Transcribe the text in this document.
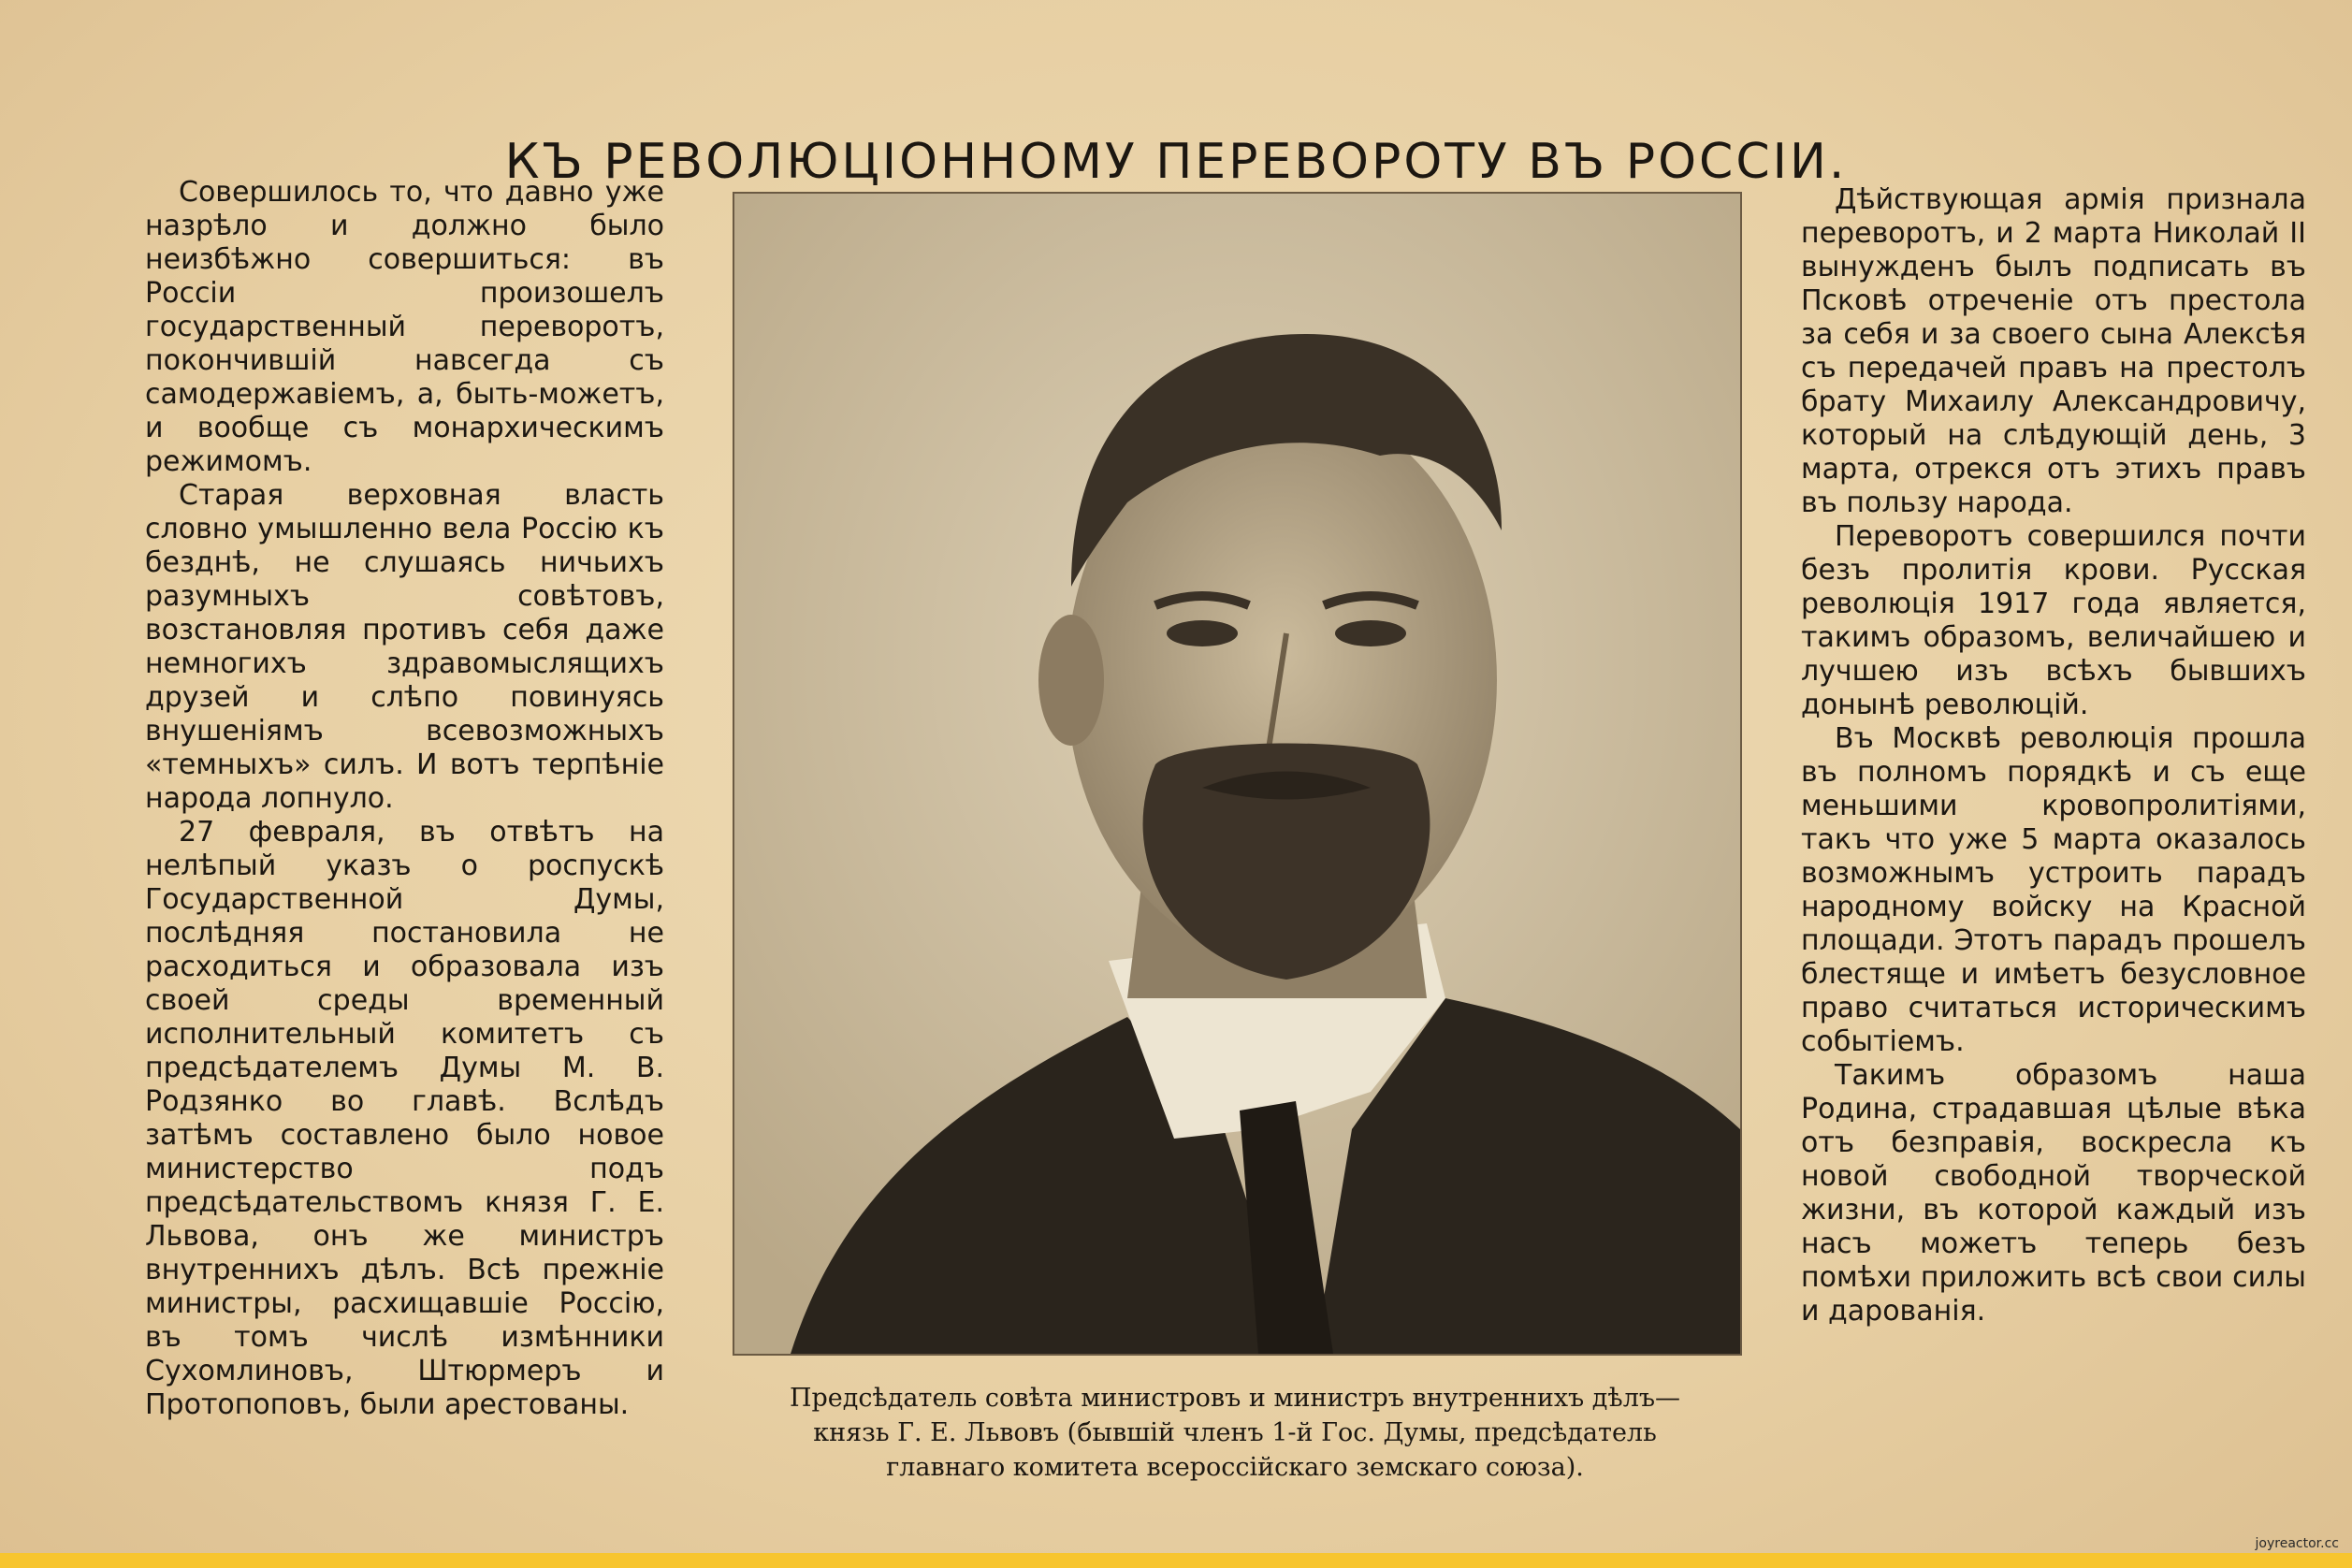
КЪ РЕВОЛЮЦІОННОМУ ПЕРЕВОРОТУ ВЪ РОССІИ.

Совершилось то, что давно уже назрѣло и должно было неизбѣжно совершиться: въ Россіи произошелъ государственный переворотъ, покончившій навсегда съ самодержавіемъ, а, быть-можетъ, и вообще съ монархическимъ режимомъ.

Старая верховная власть словно умышленно вела Россію къ безднѣ, не слушаясь ничьихъ разумныхъ совѣтовъ, возстановляя противъ себя даже немногихъ здравомыслящихъ друзей и слѣпо повинуясь внушеніямъ всевозможныхъ «темныхъ» силъ. И вотъ терпѣніе народа лопнуло.

27 февраля, въ отвѣтъ на нелѣпый указъ о роспускѣ Государственной Думы, послѣдняя постановила не расходиться и образовала изъ своей среды временный исполнительный комитетъ съ предсѣдателемъ Думы М. В. Родзянко во главѣ. Вслѣдъ затѣмъ составлено было новое министерство подъ предсѣдательствомъ князя Г. Е. Львова, онъ же министръ внутреннихъ дѣлъ. Всѣ прежніе министры, расхищавшіе Россію, въ томъ числѣ измѣнники Сухомлиновъ, Штюрмеръ и Протопоповъ, были арестованы.	Предсѣдатель совѣта министровъ и министръ внутреннихъ дѣлъ—
князь Г. Е. Львовъ (бывшій членъ 1-й Гос. Думы, предсѣдатель
главнаго комитета всероссійскаго земскаго союза).

Дѣйствующая армія признала переворотъ, и 2 марта Николай II вынужденъ былъ подписать въ Псковѣ отреченіе отъ престола за себя и за своего сына Алексѣя съ передачей правъ на престолъ брату Михаилу Александровичу, который на слѣдующій день, 3 марта, отрекся отъ этихъ правъ въ пользу народа.

Переворотъ совершился почти безъ пролитія крови. Русская революція 1917 года является, такимъ образомъ, величайшею и лучшею изъ всѣхъ бывшихъ донынѣ революцій.

Въ Москвѣ революція прошла въ полномъ порядкѣ и съ еще меньшими кровопролитіями, такъ что уже 5 марта оказалось возможнымъ устроить парадъ народному войску на Красной площади. Этотъ парадъ прошелъ блестяще и имѣетъ безусловное право считаться историческимъ событіемъ.

Такимъ образомъ наша Родина, страдавшая цѣлые вѣка отъ безправія, воскресла къ новой свободной творческой жизни, въ которой каждый изъ насъ можетъ теперь безъ помѣхи приложить всѣ свои силы и дарованія.

joyreactor.cc
